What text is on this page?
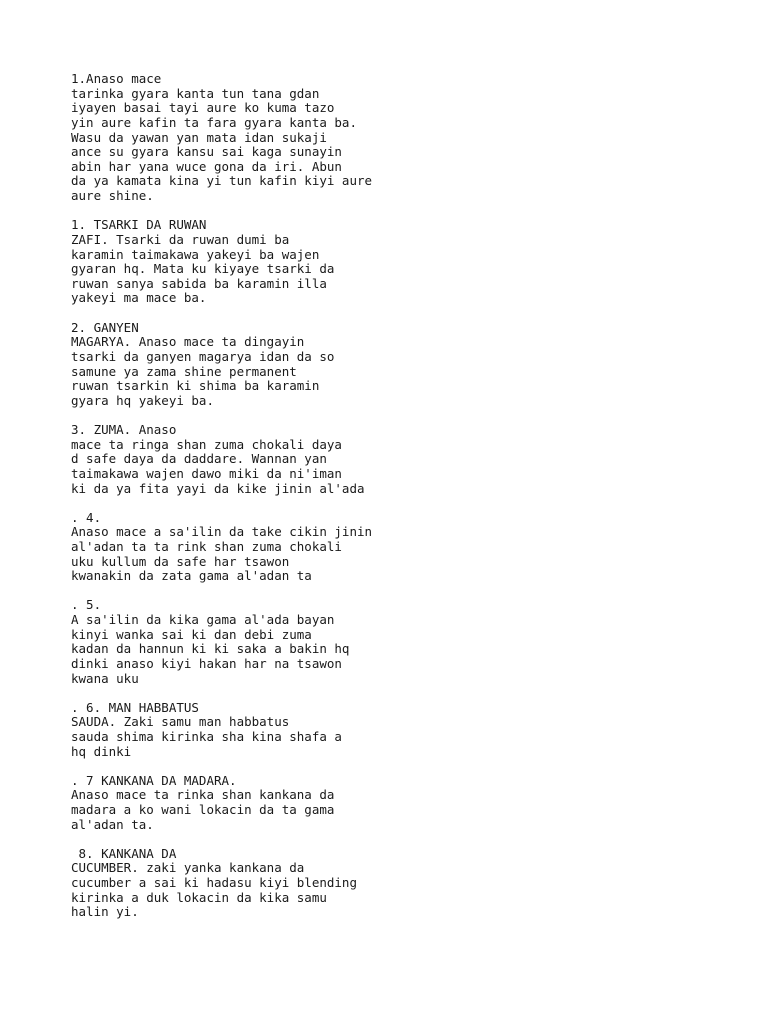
1.Anaso mace
tarinka gyara kanta tun tana gdan
iyayen basai tayi aure ko kuma tazo
yin aure kafin ta fara gyara kanta ba.
Wasu da yawan yan mata idan sukaji
ance su gyara kansu sai kaga sunayin
abin har yana wuce gona da iri. Abun
da ya kamata kina yi tun kafin kiyi aure
aure shine.
1. TSARKI DA RUWAN
ZAFI. Tsarki da ruwan dumi ba
karamin taimakawa yakeyi ba wajen
gyaran hq. Mata ku kiyaye tsarki da
ruwan sanya sabida ba karamin illa
yakeyi ma mace ba.
2. GANYEN
MAGARYA. Anaso mace ta dingayin
tsarki da ganyen magarya idan da so
samune ya zama shine permanent
ruwan tsarkin ki shima ba karamin
gyara hq yakeyi ba.
3. ZUMA. Anaso
mace ta ringa shan zuma chokali daya
d safe daya da daddare. Wannan yan
taimakawa wajen dawo miki da ni'iman
ki da ya fita yayi da kike jinin al'ada
. 4.
Anaso mace a sa'ilin da take cikin jinin
al'adan ta ta rink shan zuma chokali
uku kullum da safe har tsawon
kwanakin da zata gama al'adan ta
. 5.
A sa'ilin da kika gama al'ada bayan
kinyi wanka sai ki dan debi zuma
kadan da hannun ki ki saka a bakin hq
dinki anaso kiyi hakan har na tsawon
kwana uku
. 6. MAN HABBATUS
SAUDA. Zaki samu man habbatus
sauda shima kirinka sha kina shafa a
hq dinki
. 7 KANKANA DA MADARA.
Anaso mace ta rinka shan kankana da
madara a ko wani lokacin da ta gama
al'adan ta.
8. KANKANA DA
CUCUMBER. zaki yanka kankana da
cucumber a sai ki hadasu kiyi blending
kirinka a duk lokacin da kika samu
halin yi.
